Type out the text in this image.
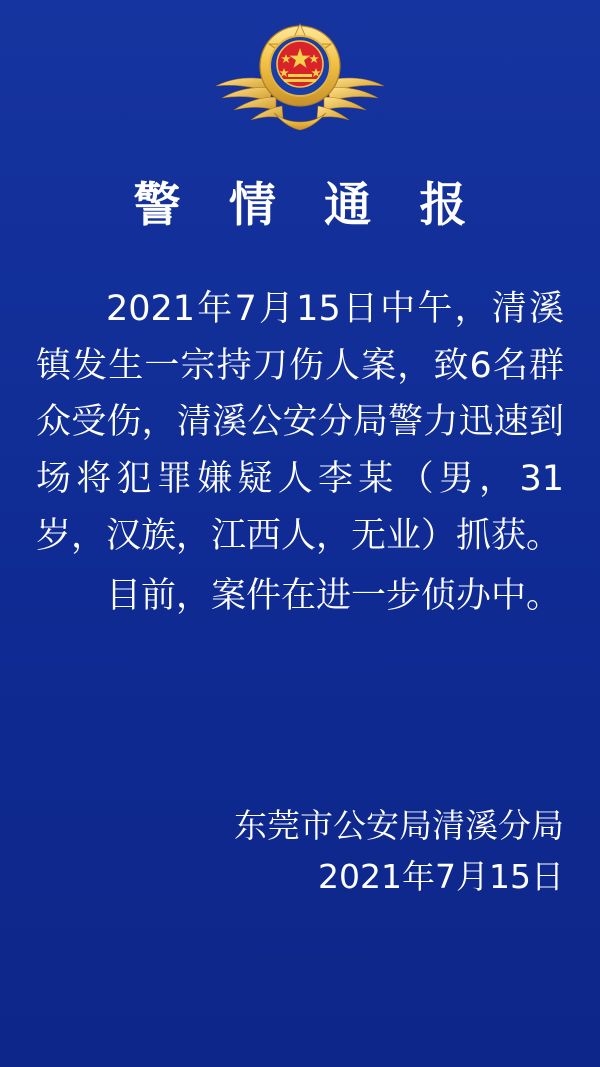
警 情 通 报

2021年7月15日中午，清溪镇发生一宗持刀伤人案，致6名群众受伤，清溪公安分局警力迅速到场将犯罪嫌疑人李某（男，31岁，汉族，江西人，无业）抓获。

目前，案件在进一步侦办中。

东莞市公安局清溪分局
2021年7月15日
